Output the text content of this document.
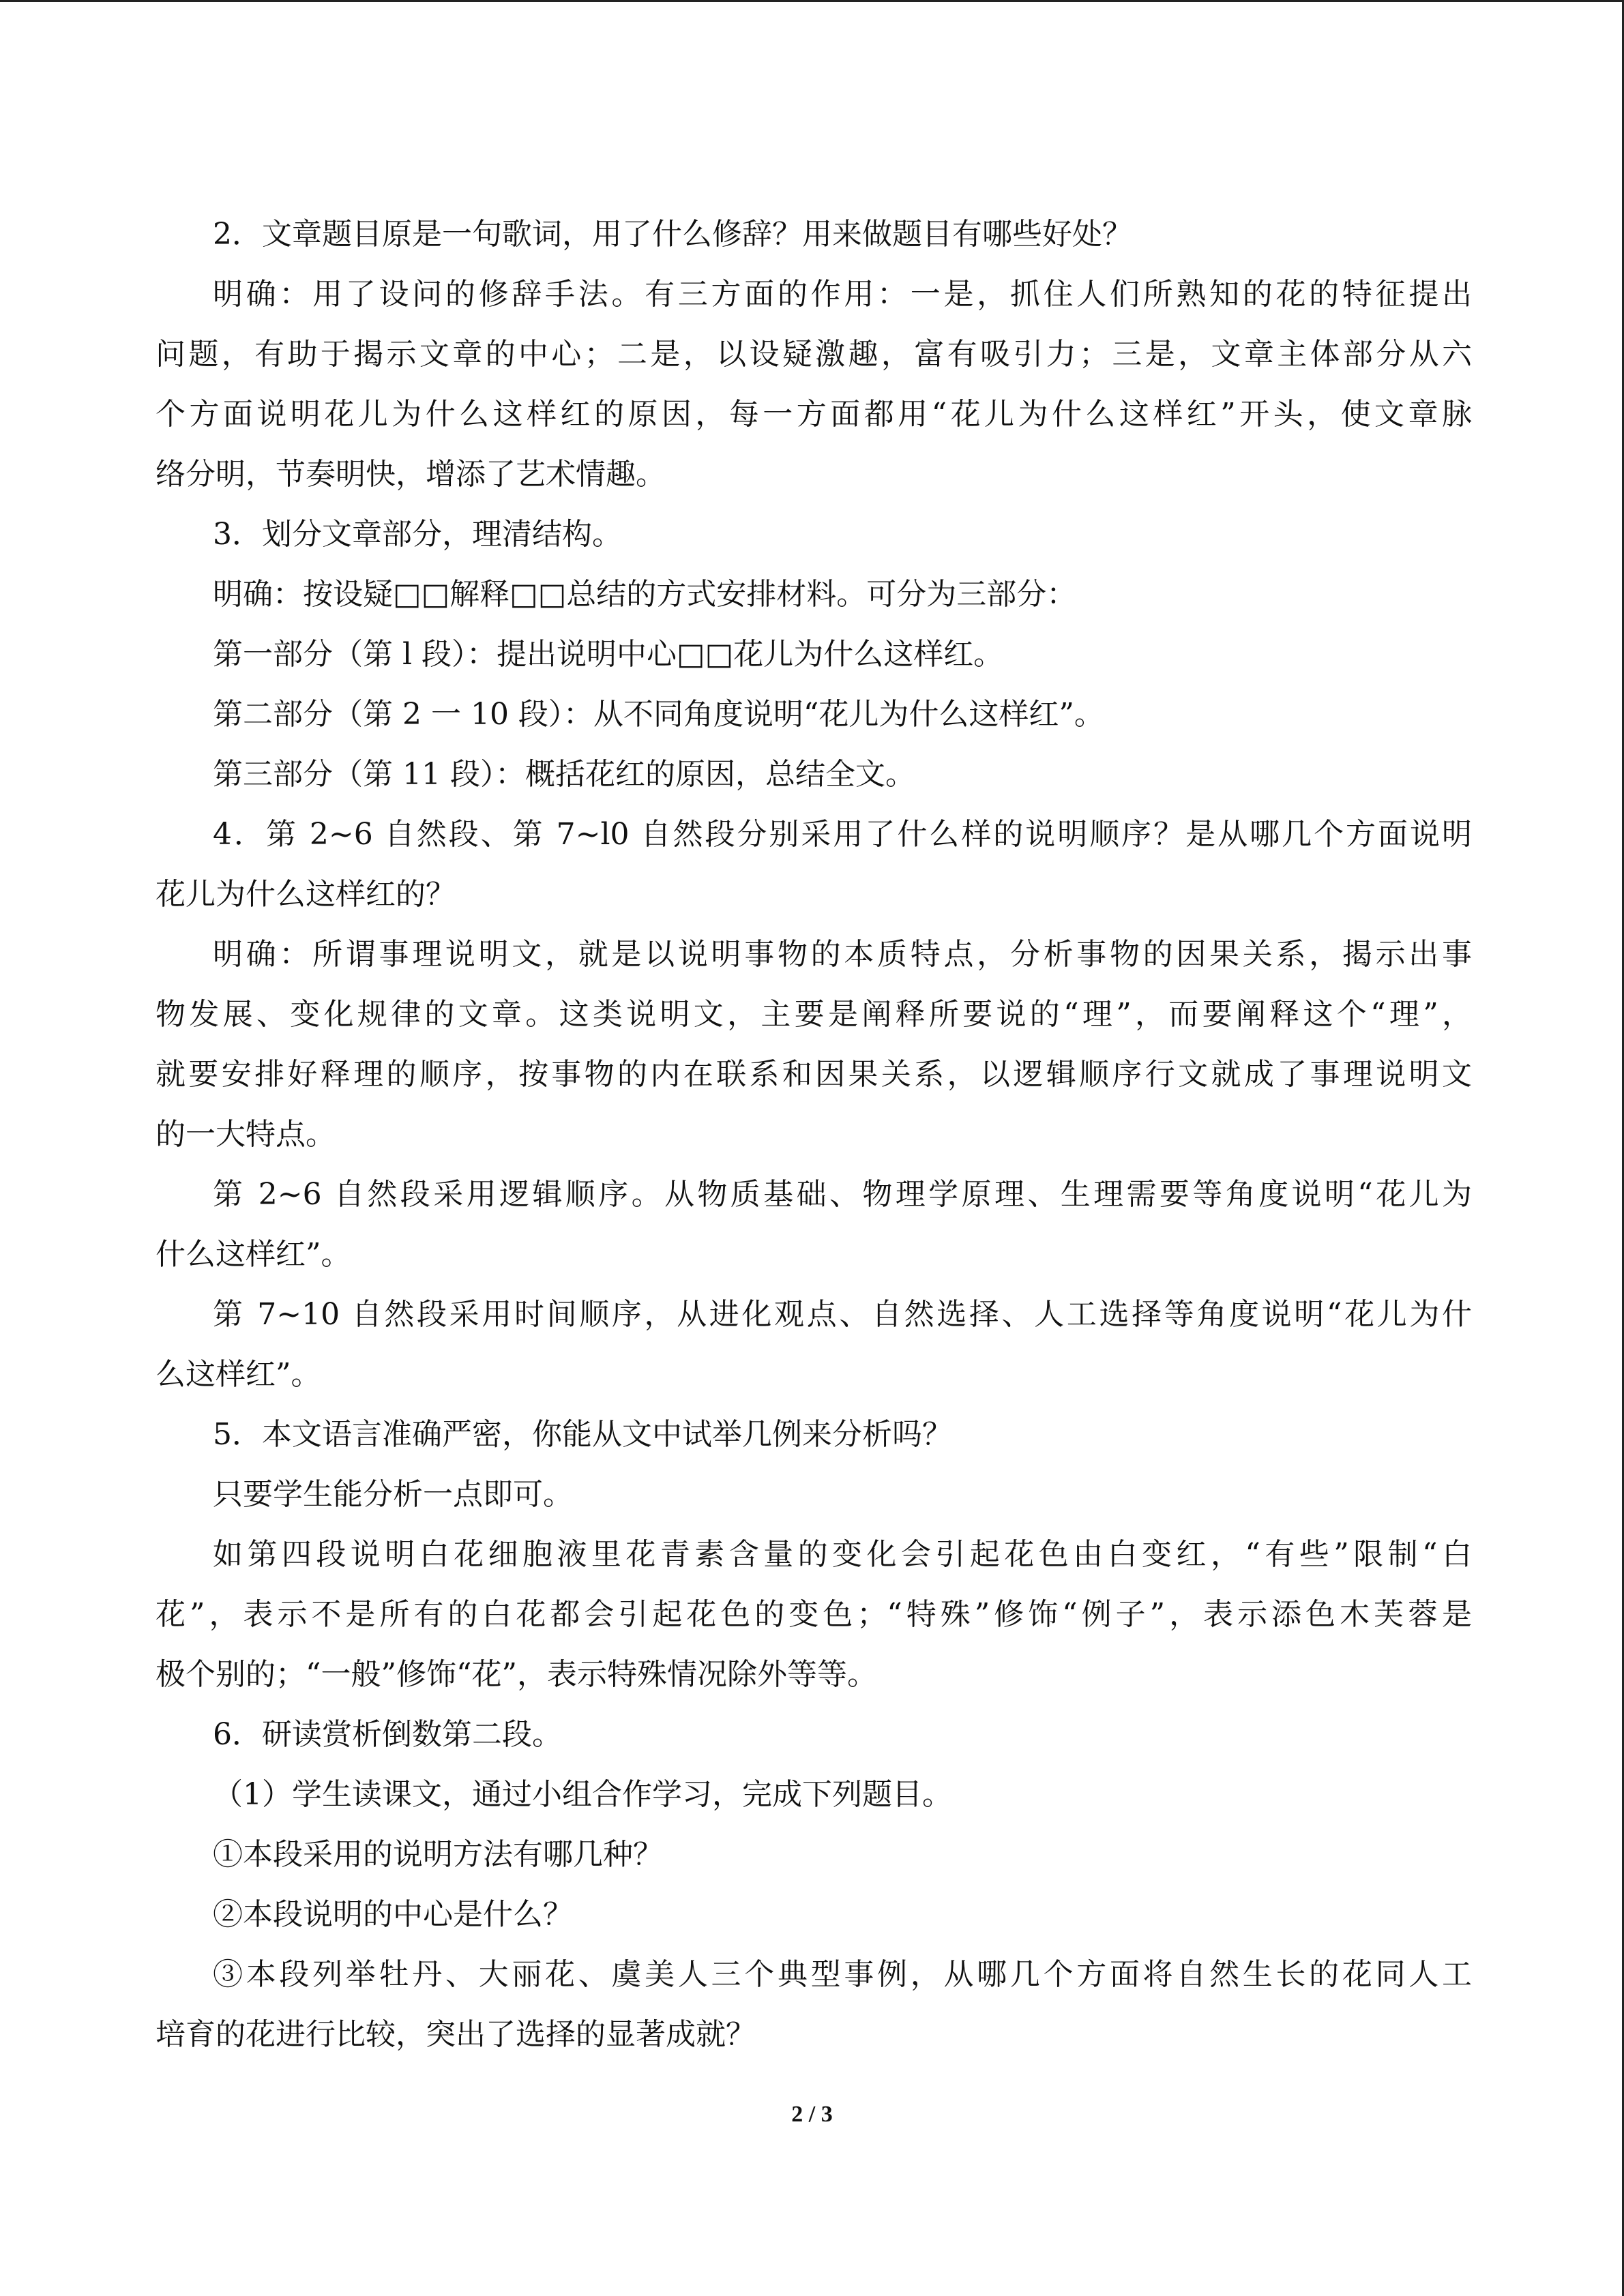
2．文章题目原是一句歌词，用了什么修辞？用来做题目有哪些好处？
明确：用了设问的修辞手法。有三方面的作用：一是，抓住人们所熟知的花的特征提出
问题，有助于揭示文章的中心；二是，以设疑激趣，富有吸引力；三是，文章主体部分从六
个方面说明花儿为什么这样红的原因，每一方面都用“花儿为什么这样红”开头，使文章脉
络分明，节奏明快，增添了艺术情趣。
3．划分文章部分，理清结构。
明确：按设疑□□解释□□总结的方式安排材料。可分为三部分：
第一部分（第 l 段）：提出说明中心□□花儿为什么这样红。
第二部分（第 2 一 10 段）：从不同角度说明“花儿为什么这样红”。
第三部分（第 11 段）：概括花红的原因，总结全文。
4．第 2~6 自然段、第 7~l0 自然段分别采用了什么样的说明顺序？是从哪几个方面说明
花儿为什么这样红的？
明确：所谓事理说明文，就是以说明事物的本质特点，分析事物的因果关系，揭示出事
物发展、变化规律的文章。这类说明文，主要是阐释所要说的“理”，而要阐释这个“理”，
就要安排好释理的顺序，按事物的内在联系和因果关系，以逻辑顺序行文就成了事理说明文
的一大特点。
第 2~6 自然段采用逻辑顺序。从物质基础、物理学原理、生理需要等角度说明“花儿为
什么这样红”。
第 7~10 自然段采用时间顺序，从进化观点、自然选择、人工选择等角度说明“花儿为什
么这样红”。
5．本文语言准确严密，你能从文中试举几例来分析吗？
只要学生能分析一点即可。
如第四段说明白花细胞液里花青素含量的变化会引起花色由白变红，“有些”限制“白
花”，表示不是所有的白花都会引起花色的变色；“特殊”修饰“例子”，表示添色木芙蓉是
极个别的；“一般”修饰“花”，表示特殊情况除外等等。
6．研读赏析倒数第二段。
（1）学生读课文，通过小组合作学习，完成下列题目。
①本段采用的说明方法有哪几种？
②本段说明的中心是什么？
③本段列举牡丹、大丽花、虞美人三个典型事例，从哪几个方面将自然生长的花同人工
培育的花进行比较，突出了选择的显著成就？
2 / 3
